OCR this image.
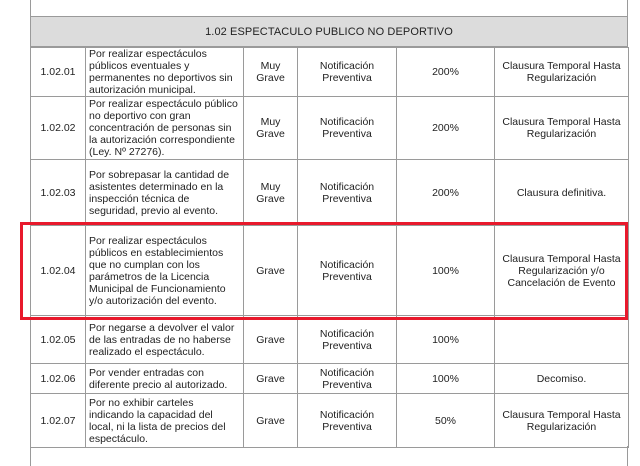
1.02 ESPECTACULO PUBLICO NO DEPORTIVO
1.02.01	Por realizar espectáculos públicos eventuales y permanentes no deportivos sin autorización municipal.	Muy Grave	Notificación Preventiva	200%	Clausura Temporal Hasta Regularización
1.02.02	Por realizar espectáculo público no deportivo con gran concentración de personas sin la autorización correspondiente (Ley. Nº 27276).	Muy Grave	Notificación Preventiva	200%	Clausura Temporal Hasta Regularización
1.02.03	Por sobrepasar la cantidad de asistentes determinado en la inspección técnica de seguridad, previo al evento.	Muy Grave	Notificación Preventiva	200%	Clausura definitiva.
1.02.04	Por realizar espectáculos públicos en establecimientos que no cumplan con los parámetros de la Licencia Municipal de Funcionamiento y/o autorización del evento.	Grave	Notificación Preventiva	100%	Clausura Temporal Hasta Regularización y/o Cancelación de Evento
1.02.05	Por negarse a devolver el valor de las entradas de no haberse realizado el espectáculo.	Grave	Notificación Preventiva	100%	
1.02.06	Por vender entradas con diferente precio al autorizado.	Grave	Notificación Preventiva	100%	Decomiso.
1.02.07	Por no exhibir carteles indicando la capacidad del local, ni la lista de precios del espectáculo.	Grave	Notificación Preventiva	50%	Clausura Temporal Hasta Regularización
